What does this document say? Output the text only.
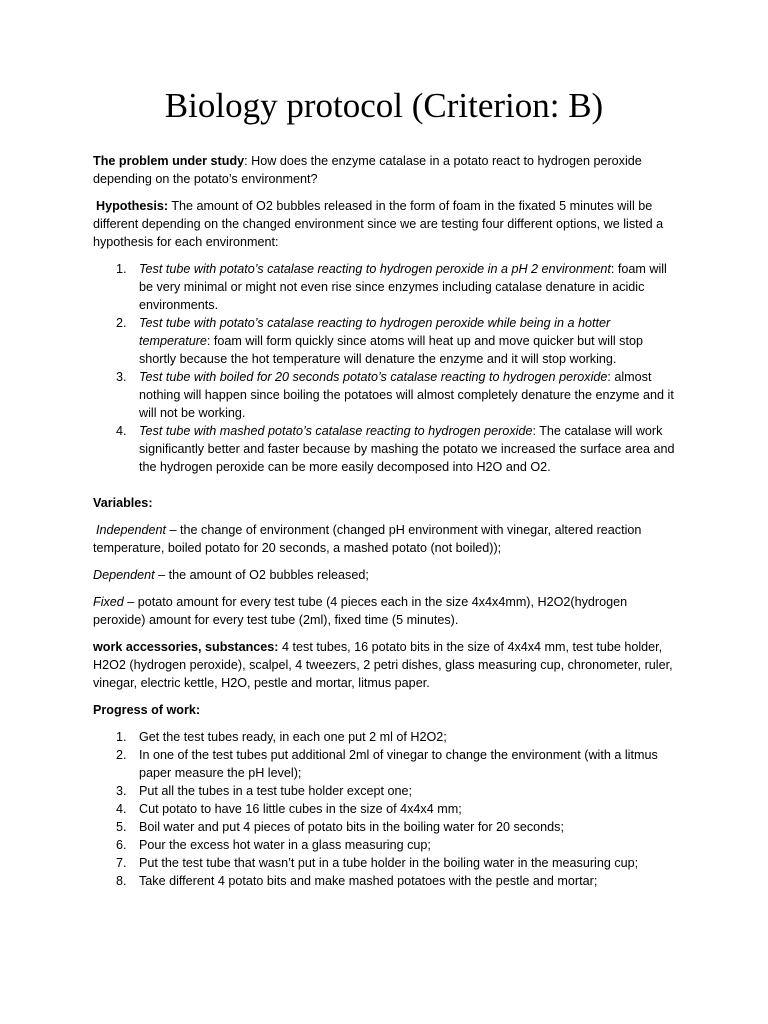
Biology protocol (Criterion: B)

The problem under study: How does the enzyme catalase in a potato react to hydrogen peroxide depending on the potato’s environment?

Hypothesis: The amount of O2 bubbles released in the form of foam in the fixated 5 minutes will be different depending on the changed environment since we are testing four different options, we listed a hypothesis for each environment:

1. Test tube with potato’s catalase reacting to hydrogen peroxide in a pH 2 environment: foam will be very minimal or might not even rise since enzymes including catalase denature in acidic environments.
2. Test tube with potato’s catalase reacting to hydrogen peroxide while being in a hotter temperature: foam will form quickly since atoms will heat up and move quicker but will stop shortly because the hot temperature will denature the enzyme and it will stop working.
3. Test tube with boiled for 20 seconds potato’s catalase reacting to hydrogen peroxide: almost nothing will happen since boiling the potatoes will almost completely denature the enzyme and it will not be working.
4. Test tube with mashed potato’s catalase reacting to hydrogen peroxide: The catalase will work significantly better and faster because by mashing the potato we increased the surface area and the hydrogen peroxide can be more easily decomposed into H2O and O2.

Variables:

Independent – the change of environment (changed pH environment with vinegar, altered reaction temperature, boiled potato for 20 seconds, a mashed potato (not boiled));

Dependent – the amount of O2 bubbles released;

Fixed – potato amount for every test tube (4 pieces each in the size 4x4x4mm), H2O2(hydrogen peroxide) amount for every test tube (2ml), fixed time (5 minutes).

work accessories, substances: 4 test tubes, 16 potato bits in the size of 4x4x4 mm, test tube holder, H2O2 (hydrogen peroxide), scalpel, 4 tweezers, 2 petri dishes, glass measuring cup, chronometer, ruler, vinegar, electric kettle, H2O, pestle and mortar, litmus paper.

Progress of work:

1. Get the test tubes ready, in each one put 2 ml of H2O2;
2. In one of the test tubes put additional 2ml of vinegar to change the environment (with a litmus paper measure the pH level);
3. Put all the tubes in a test tube holder except one;
4. Cut potato to have 16 little cubes in the size of 4x4x4 mm;
5. Boil water and put 4 pieces of potato bits in the boiling water for 20 seconds;
6. Pour the excess hot water in a glass measuring cup;
7. Put the test tube that wasn’t put in a tube holder in the boiling water in the measuring cup;
8. Take different 4 potato bits and make mashed potatoes with the pestle and mortar;
